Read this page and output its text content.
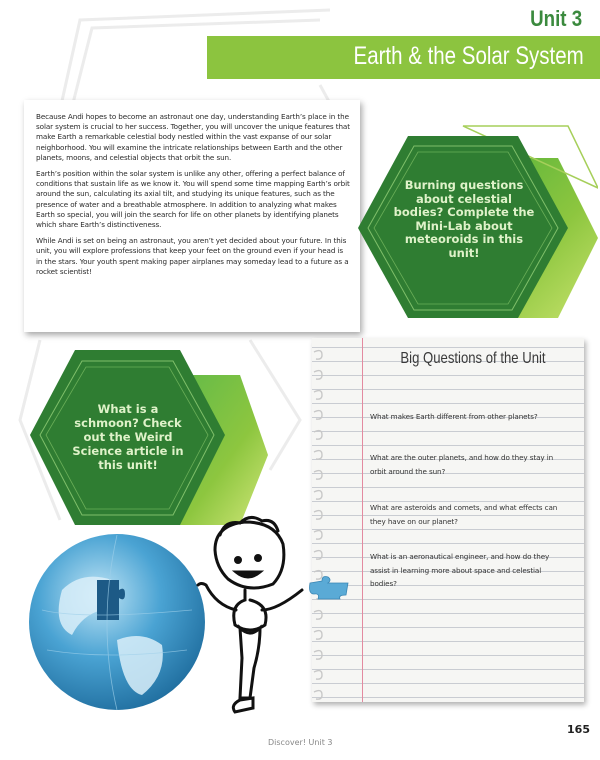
Unit 3
Earth & the Solar System

Because Andi hopes to become an astronaut one day, understanding Earth’s place in the solar system is crucial to her success. Together, you will uncover the unique features that make Earth a remarkable celestial body nestled within the vast expanse of our solar neighborhood. You will examine the intricate relationships between Earth and the other planets, moons, and celestial objects that orbit the sun.

Earth’s position within the solar system is unlike any other, offering a perfect balance of conditions that sustain life as we know it. You will spend some time mapping Earth’s orbit around the sun, calculating its axial tilt, and studying its unique features, such as the presence of water and a breathable atmosphere. In addition to analyzing what makes Earth so special, you will join the search for life on other planets by identifying planets which share Earth’s distinctiveness.

While Andi is set on being an astronaut, you aren’t yet decided about your future. In this unit, you will explore professions that keep your feet on the ground even if your head is in the stars. Your youth spent making paper airplanes may someday lead to a future as a rocket scientist!

Burning questions about celestial bodies? Complete the Mini-Lab about meteoroids in this unit!
What is a schmoon? Check out the Weird Science article in this unit!
Big Questions of the Unit
What makes Earth different from other planets?
What are the outer planets, and how do they stay in orbit around the sun?
What are asteroids and comets, and what effects can they have on our planet?
What is an aeronautical engineer, and how do they assist in learning more about space and celestial bodies?
165
Discover! Unit 3
